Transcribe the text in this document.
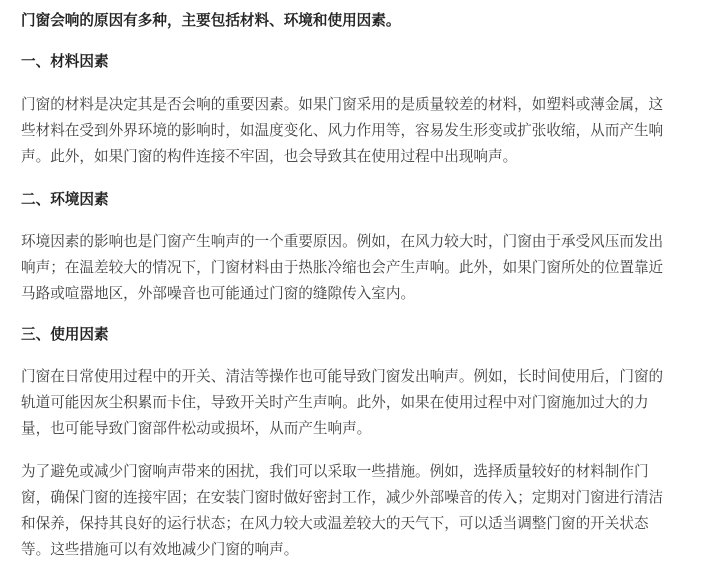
门窗会响的原因有多种，主要包括材料、环境和使用因素。

一、材料因素

门窗的材料是决定其是否会响的重要因素。如果门窗采用的是质量较差的材料，如塑料或薄金属，这
些材料在受到外界环境的影响时，如温度变化、风力作用等，容易发生形变或扩张收缩，从而产生响
声。此外，如果门窗的构件连接不牢固，也会导致其在使用过程中出现响声。

二、环境因素

环境因素的影响也是门窗产生响声的一个重要原因。例如，在风力较大时，门窗由于承受风压而发出
响声；在温差较大的情况下，门窗材料由于热胀冷缩也会产生声响。此外，如果门窗所处的位置靠近
马路或喧嚣地区，外部噪音也可能通过门窗的缝隙传入室内。

三、使用因素

门窗在日常使用过程中的开关、清洁等操作也可能导致门窗发出响声。例如，长时间使用后，门窗的
轨道可能因灰尘积累而卡住，导致开关时产生声响。此外，如果在使用过程中对门窗施加过大的力
量，也可能导致门窗部件松动或损坏，从而产生响声。

为了避免或减少门窗响声带来的困扰，我们可以采取一些措施。例如，选择质量较好的材料制作门
窗，确保门窗的连接牢固；在安装门窗时做好密封工作，减少外部噪音的传入；定期对门窗进行清洁
和保养，保持其良好的运行状态；在风力较大或温差较大的天气下，可以适当调整门窗的开关状态
等。这些措施可以有效地减少门窗的响声。
